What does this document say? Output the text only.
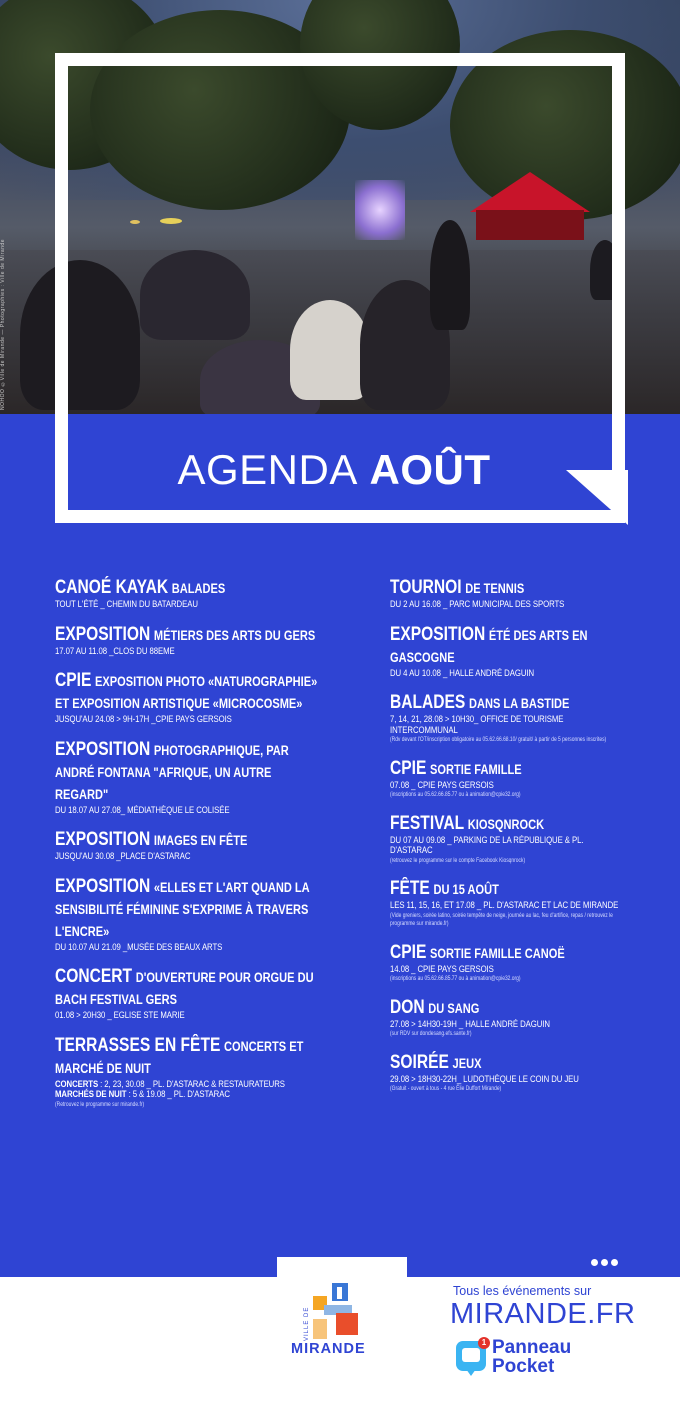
NOHOO ©Ville de Mirande — Photographies : Ville de Mirande
AGENDA AOÛT
CANOÉ KAYAK BALADES
TOUT L'ÉTÉ _ CHEMIN DU BATARDEAU
EXPOSITION MÉTIERS DES ARTS DU GERS
17.07 AU 11.08 _CLOS DU 88EME
CPIE EXPOSITION PHOTO «NATUROGRAPHIE» ET EXPOSITION ARTISTIQUE «MICROCOSME»
JUSQU'AU 24.08 > 9H-17H _CPIE PAYS GERSOIS
EXPOSITION PHOTOGRAPHIQUE, PAR ANDRÉ FONTANA "AFRIQUE, UN AUTRE REGARD"
DU 18.07 AU 27.08_ MÉDIATHÈQUE LE COLISÉE
EXPOSITION IMAGES EN FÊTE
JUSQU'AU 30.08 _PLACE D'ASTARAC
EXPOSITION «ELLES ET L'ART QUAND LA SENSIBILITÉ FÉMININE S'EXPRIME À TRAVERS L'ENCRE»
DU 10.07 AU 21.09 _MUSÉE DES BEAUX ARTS
CONCERT D'OUVERTURE POUR ORGUE DU BACH FESTIVAL GERS
01.08 > 20H30 _ EGLISE STE MARIE
TERRASSES EN FÊTE CONCERTS ET MARCHÉ DE NUIT
CONCERTS : 2, 23, 30.08 _ PL. D'ASTARAC & RESTAURATEURS
MARCHÉS DE NUIT : 5 & 19.08 _ PL. D'ASTARAC
(Retrouvez le programme sur mirande.fr)
TOURNOI DE TENNIS
DU 2 AU 16.08 _ PARC MUNICIPAL DES SPORTS
EXPOSITION ÉTÉ DES ARTS EN GASCOGNE
DU 4 AU 10.08 _ HALLE ANDRÉ DAGUIN
BALADES DANS LA BASTIDE
7, 14, 21, 28.08 > 10H30_ OFFICE DE TOURISME INTERCOMMUNAL
(Rdv devant l'OT/inscription obligatoire au 05.62.66.68.10/ gratuit/ à partir de 5 personnes inscrites)
CPIE SORTIE FAMILLE
07.08 _ CPIE PAYS GERSOIS
(inscriptions au 05.62.66.85.77 ou à animation@cpie32.org)
FESTIVAL KIOSQNROCK
DU 07 AU 09.08 _ PARKING DE LA RÉPUBLIQUE & PL. D'ASTARAC
(retrouvez le programme sur le compte Facebook Kiosqnrock)
FÊTE DU 15 AOÛT
LES 11, 15, 16, ET 17.08 _ PL. D'ASTARAC ET LAC DE MIRANDE
(Vide greniers, soirée latino, soirée tempête de neige, journée au lac, feu d'artifice, repas / retrouvez le programme sur mirande.fr)
CPIE SORTIE FAMILLE CANOË
14.08 _ CPIE PAYS GERSOIS
(inscriptions au 05.62.66.85.77 ou à animation@cpie32.org)
DON DU SANG
27.08 > 14H30-19H _ HALLE ANDRÉ DAGUIN
(sur RDV sur dondesang.efs.sante.fr)
SOIRÉE JEUX
29.08 > 18H30-22H_ LUDOTHÈQUE LE COIN DU JEU
(Gratuit - ouvert à tous - 4 rue Élie Duffort Mirande)
VILLE DE
MIRANDE
Tous les événements sur
MIRANDE.FR
1 Panneau
Pocket
